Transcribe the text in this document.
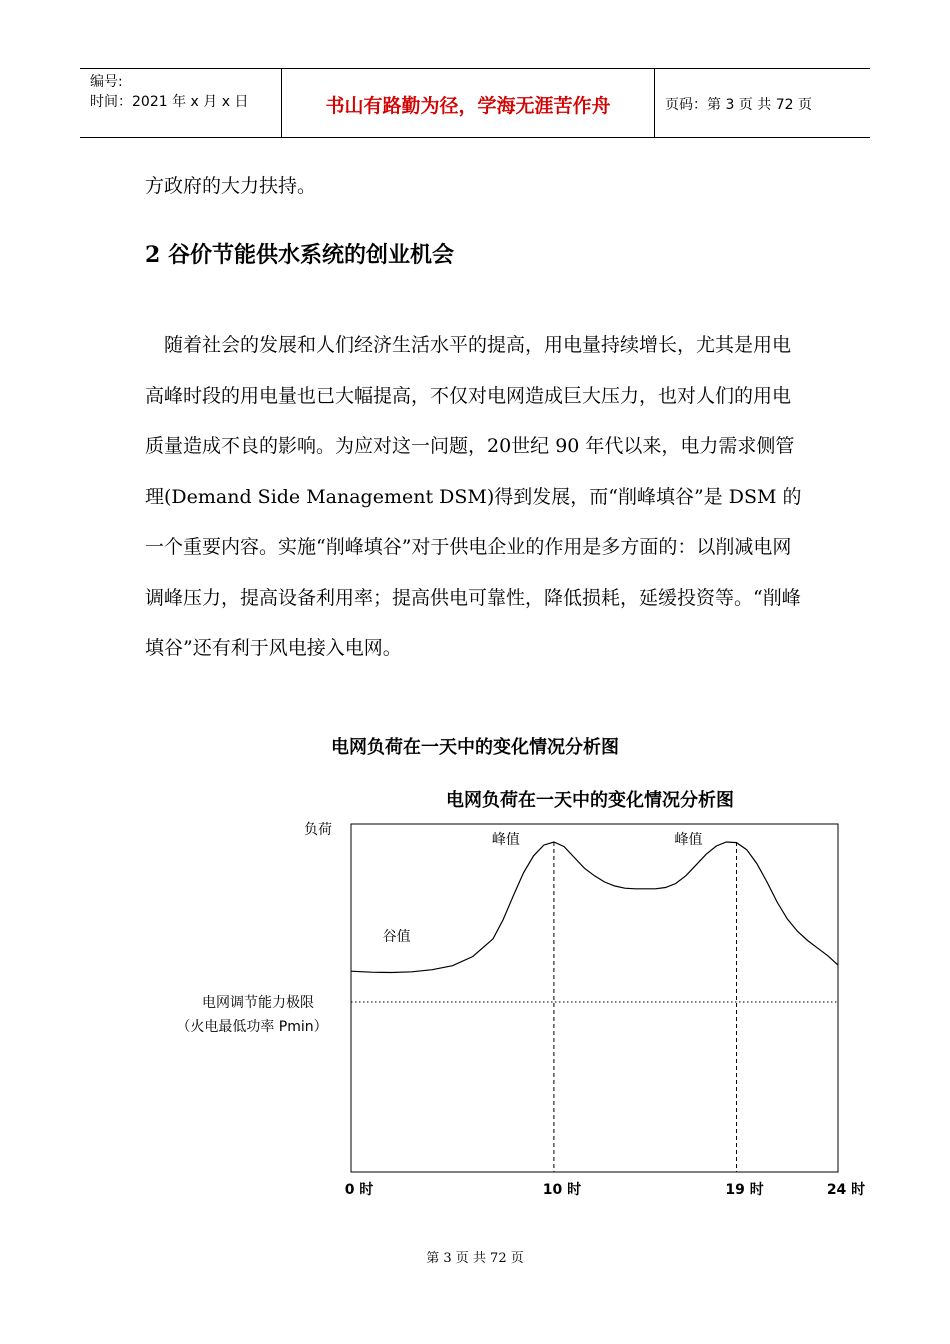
编号:
时间：2021 年 x 月 x 日	书山有路勤为径，学海无涯苦作舟	页码：第 3 页 共 72 页

方政府的大力扶持。

2 谷价节能供水系统的创业机会

　随着社会的发展和人们经济生活水平的提高，用电量持续增长，尤其是用电高峰时段的用电量也已大幅提高，不仅对电网造成巨大压力，也对人们的用电质量造成不良的影响。为应对这一问题，20世纪 90 年代以来，电力需求侧管理(Demand Side Management DSM)得到发展，而“削峰填谷”是 DSM 的一个重要内容。实施“削峰填谷”对于供电企业的作用是多方面的：以削减电网调峰压力，提高设备利用率；提高供电可靠性，降低损耗，延缓投资等。“削峰填谷”还有利于风电接入电网。

电网负荷在一天中的变化情况分析图
电网负荷在一天中的变化情况分析图
负荷
电网调节能力极限
（火电最低功率 Pmin）
峰值	峰值
谷值
0 时	10 时	19 时	24 时
第 3 页 共 72 页
